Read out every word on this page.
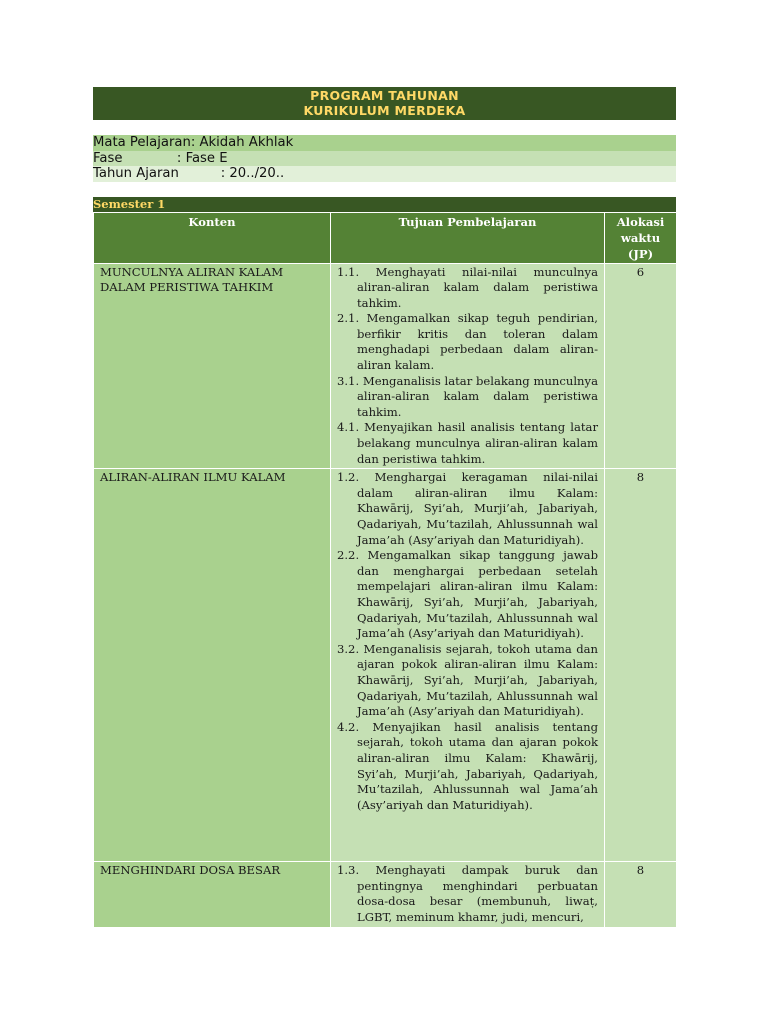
PROGRAM TAHUNAN
KURIKULUM MERDEKA
Mata Pelajaran: Akidah Akhlak
Fase             : Fase E
Tahun Ajaran          : 20../20..
Semester 1
Konten	Tujuan Pembelajaran	Alokasi waktu (JP)
MUNCULNYA ALIRAN KALAM DALAM PERISTIWA TAHKIM	1.1. Menghayati nilai-nilai munculnya aliran-aliran kalam dalam peristiwa tahkim.
2.1. Mengamalkan sikap teguh pendirian, berfikir kritis dan toleran dalam menghadapi perbedaan dalam aliran-aliran kalam.
3.1. Menganalisis latar belakang munculnya aliran-aliran kalam dalam peristiwa tahkim.
4.1. Menyajikan hasil analisis tentang latar belakang munculnya aliran-aliran kalam dan peristiwa tahkim.	6
ALIRAN-ALIRAN ILMU KALAM	1.2. Menghargai keragaman nilai-nilai dalam aliran-aliran ilmu Kalam: Khawārij, Syi’ah, Murji’ah, Jabariyah, Qadariyah, Mu’tazilah, Ahlussunnah wal Jama’ah (Asy’ariyah dan Maturidiyah).
2.2. Mengamalkan sikap tanggung jawab dan menghargai perbedaan setelah mempelajari aliran-aliran ilmu Kalam: Khawārij, Syi’ah, Murji’ah, Jabariyah, Qadariyah, Mu’tazilah, Ahlussunnah wal Jama’ah (Asy’ariyah dan Maturidiyah).
3.2. Menganalisis sejarah, tokoh utama dan ajaran pokok aliran-aliran ilmu Kalam: Khawārij, Syi’ah, Murji’ah, Jabariyah, Qadariyah, Mu’tazilah, Ahlussunnah wal Jama’ah (Asy’ariyah dan Maturidiyah).
4.2. Menyajikan hasil analisis tentang sejarah, tokoh utama dan ajaran pokok aliran-aliran ilmu Kalam: Khawārij, Syi’ah, Murji’ah, Jabariyah, Qadariyah, Mu’tazilah, Ahlussunnah wal Jama’ah (Asy’ariyah dan Maturidiyah).	8
MENGHINDARI DOSA BESAR	1.3. Menghayati dampak buruk dan pentingnya menghindari perbuatan dosa-dosa besar (membunuh, liwaṭ, LGBT, meminum khamr, judi, mencuri,	8
